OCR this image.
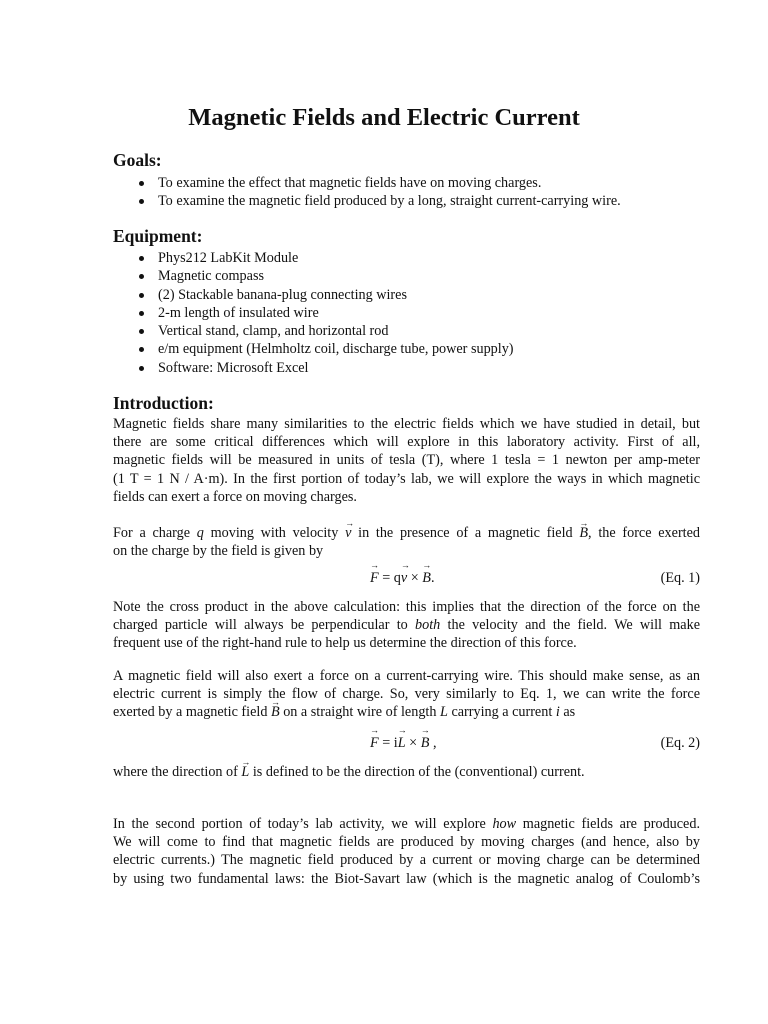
Magnetic Fields and Electric Current
Goals:
To examine the effect that magnetic fields have on moving charges.
To examine the magnetic field produced by a long, straight current-carrying wire.
Equipment:
Phys212 LabKit Module
Magnetic compass
(2) Stackable banana-plug connecting wires
2-m length of insulated wire
Vertical stand, clamp, and horizontal rod
e/m equipment (Helmholtz coil, discharge tube, power supply)
Software: Microsoft Excel
Introduction:
Magnetic fields share many similarities to the electric fields which we have studied in detail, but
there are some critical differences which will explore in this laboratory activity. First of all,
magnetic fields will be measured in units of tesla (T), where 1 tesla = 1 newton per amp-meter
(1 T = 1 N / A·m). In the first portion of today’s lab, we will explore the ways in which magnetic
fields can exert a force on moving charges.
For a charge q moving with velocity → v in the presence of a magnetic field → B, the force exerted
on the charge by the field is given by
→ F = q→ v × → B.	(Eq. 1)
Note the cross product in the above calculation: this implies that the direction of the force on the
charged particle will always be perpendicular to both the velocity and the field. We will make
frequent use of the right-hand rule to help us determine the direction of this force.
A magnetic field will also exert a force on a current-carrying wire. This should make sense, as an
electric current is simply the flow of charge. So, very similarly to Eq. 1, we can write the force
exerted by a magnetic field → B on a straight wire of length L carrying a current i as
→ F = i→ L × → B ,	(Eq. 2)
where the direction of → L is defined to be the direction of the (conventional) current.
In the second portion of today’s lab activity, we will explore how magnetic fields are produced.
We will come to find that magnetic fields are produced by moving charges (and hence, also by
electric currents.) The magnetic field produced by a current or moving charge can be determined
by using two fundamental laws: the Biot-Savart law (which is the magnetic analog of Coulomb’s
